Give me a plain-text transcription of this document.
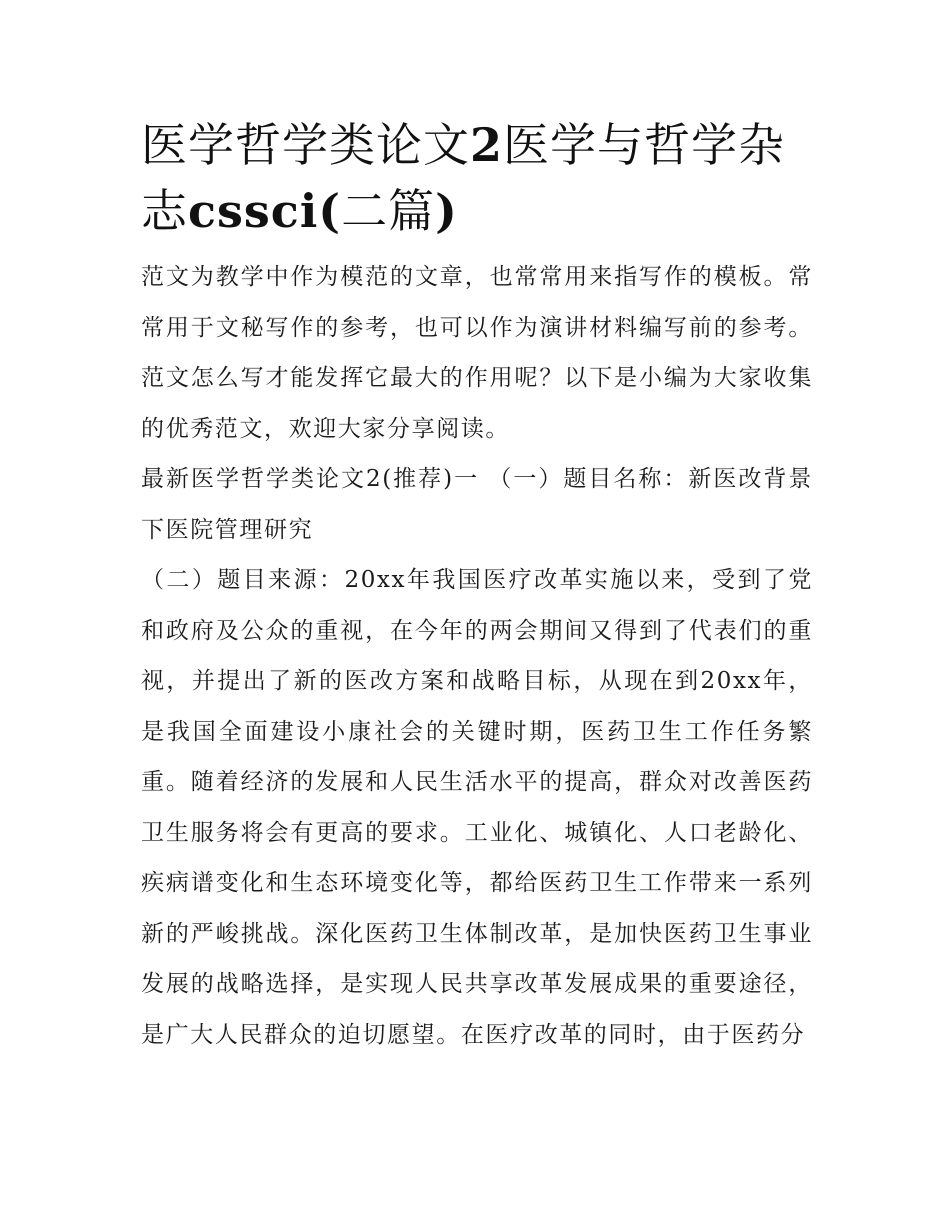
医学哲学类论文2医学与哲学杂志cssci(二篇)

范文为教学中作为模范的文章，也常常用来指写作的模板。常常用于文秘写作的参考，也可以作为演讲材料编写前的参考。范文怎么写才能发挥它最大的作用呢？以下是小编为大家收集的优秀范文，欢迎大家分享阅读。

最新医学哲学类论文2(推荐)一 （一）题目名称：新医改背景下医院管理研究

（二）题目来源：20xx年我国医疗改革实施以来，受到了党和政府及公众的重视，在今年的两会期间又得到了代表们的重视，并提出了新的医改方案和战略目标，从现在到20xx年，是我国全面建设小康社会的关键时期，医药卫生工作任务繁重。随着经济的发展和人民生活水平的提高，群众对改善医药卫生服务将会有更高的要求。工业化、城镇化、人口老龄化、疾病谱变化和生态环境变化等，都给医药卫生工作带来一系列新的严峻挑战。深化医药卫生体制改革，是加快医药卫生事业发展的战略选择，是实现人民共享改革发展成果的重要途径，是广大人民群众的迫切愿望。在医疗改革的同时，由于医药分
